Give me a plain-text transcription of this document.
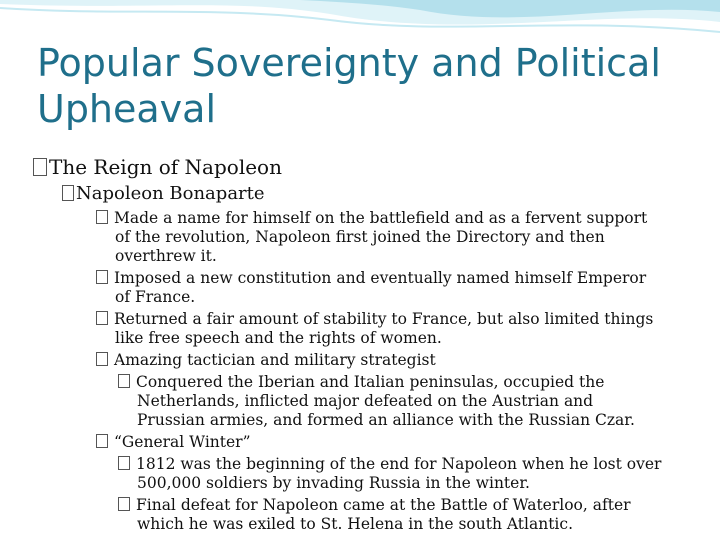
Popular Sovereignty and Political Upheaval
The Reign of Napoleon
Napoleon Bonaparte
Made a name for himself on the battlefield and as a fervent support
of the revolution, Napoleon first joined the Directory and then
overthrew it.
Imposed a new constitution and eventually named himself Emperor
of France.
Returned a fair amount of stability to France, but also limited things
like free speech and the rights of women.
Amazing tactician and military strategist
Conquered the Iberian and Italian peninsulas, occupied the
Netherlands, inflicted major defeated on the Austrian and
Prussian armies, and formed an alliance with the Russian Czar.
“General Winter”
1812 was the beginning of the end for Napoleon when he lost over
500,000 soldiers by invading Russia in the winter.
Final defeat for Napoleon came at the Battle of Waterloo, after
which he was exiled to St. Helena in the south Atlantic.
